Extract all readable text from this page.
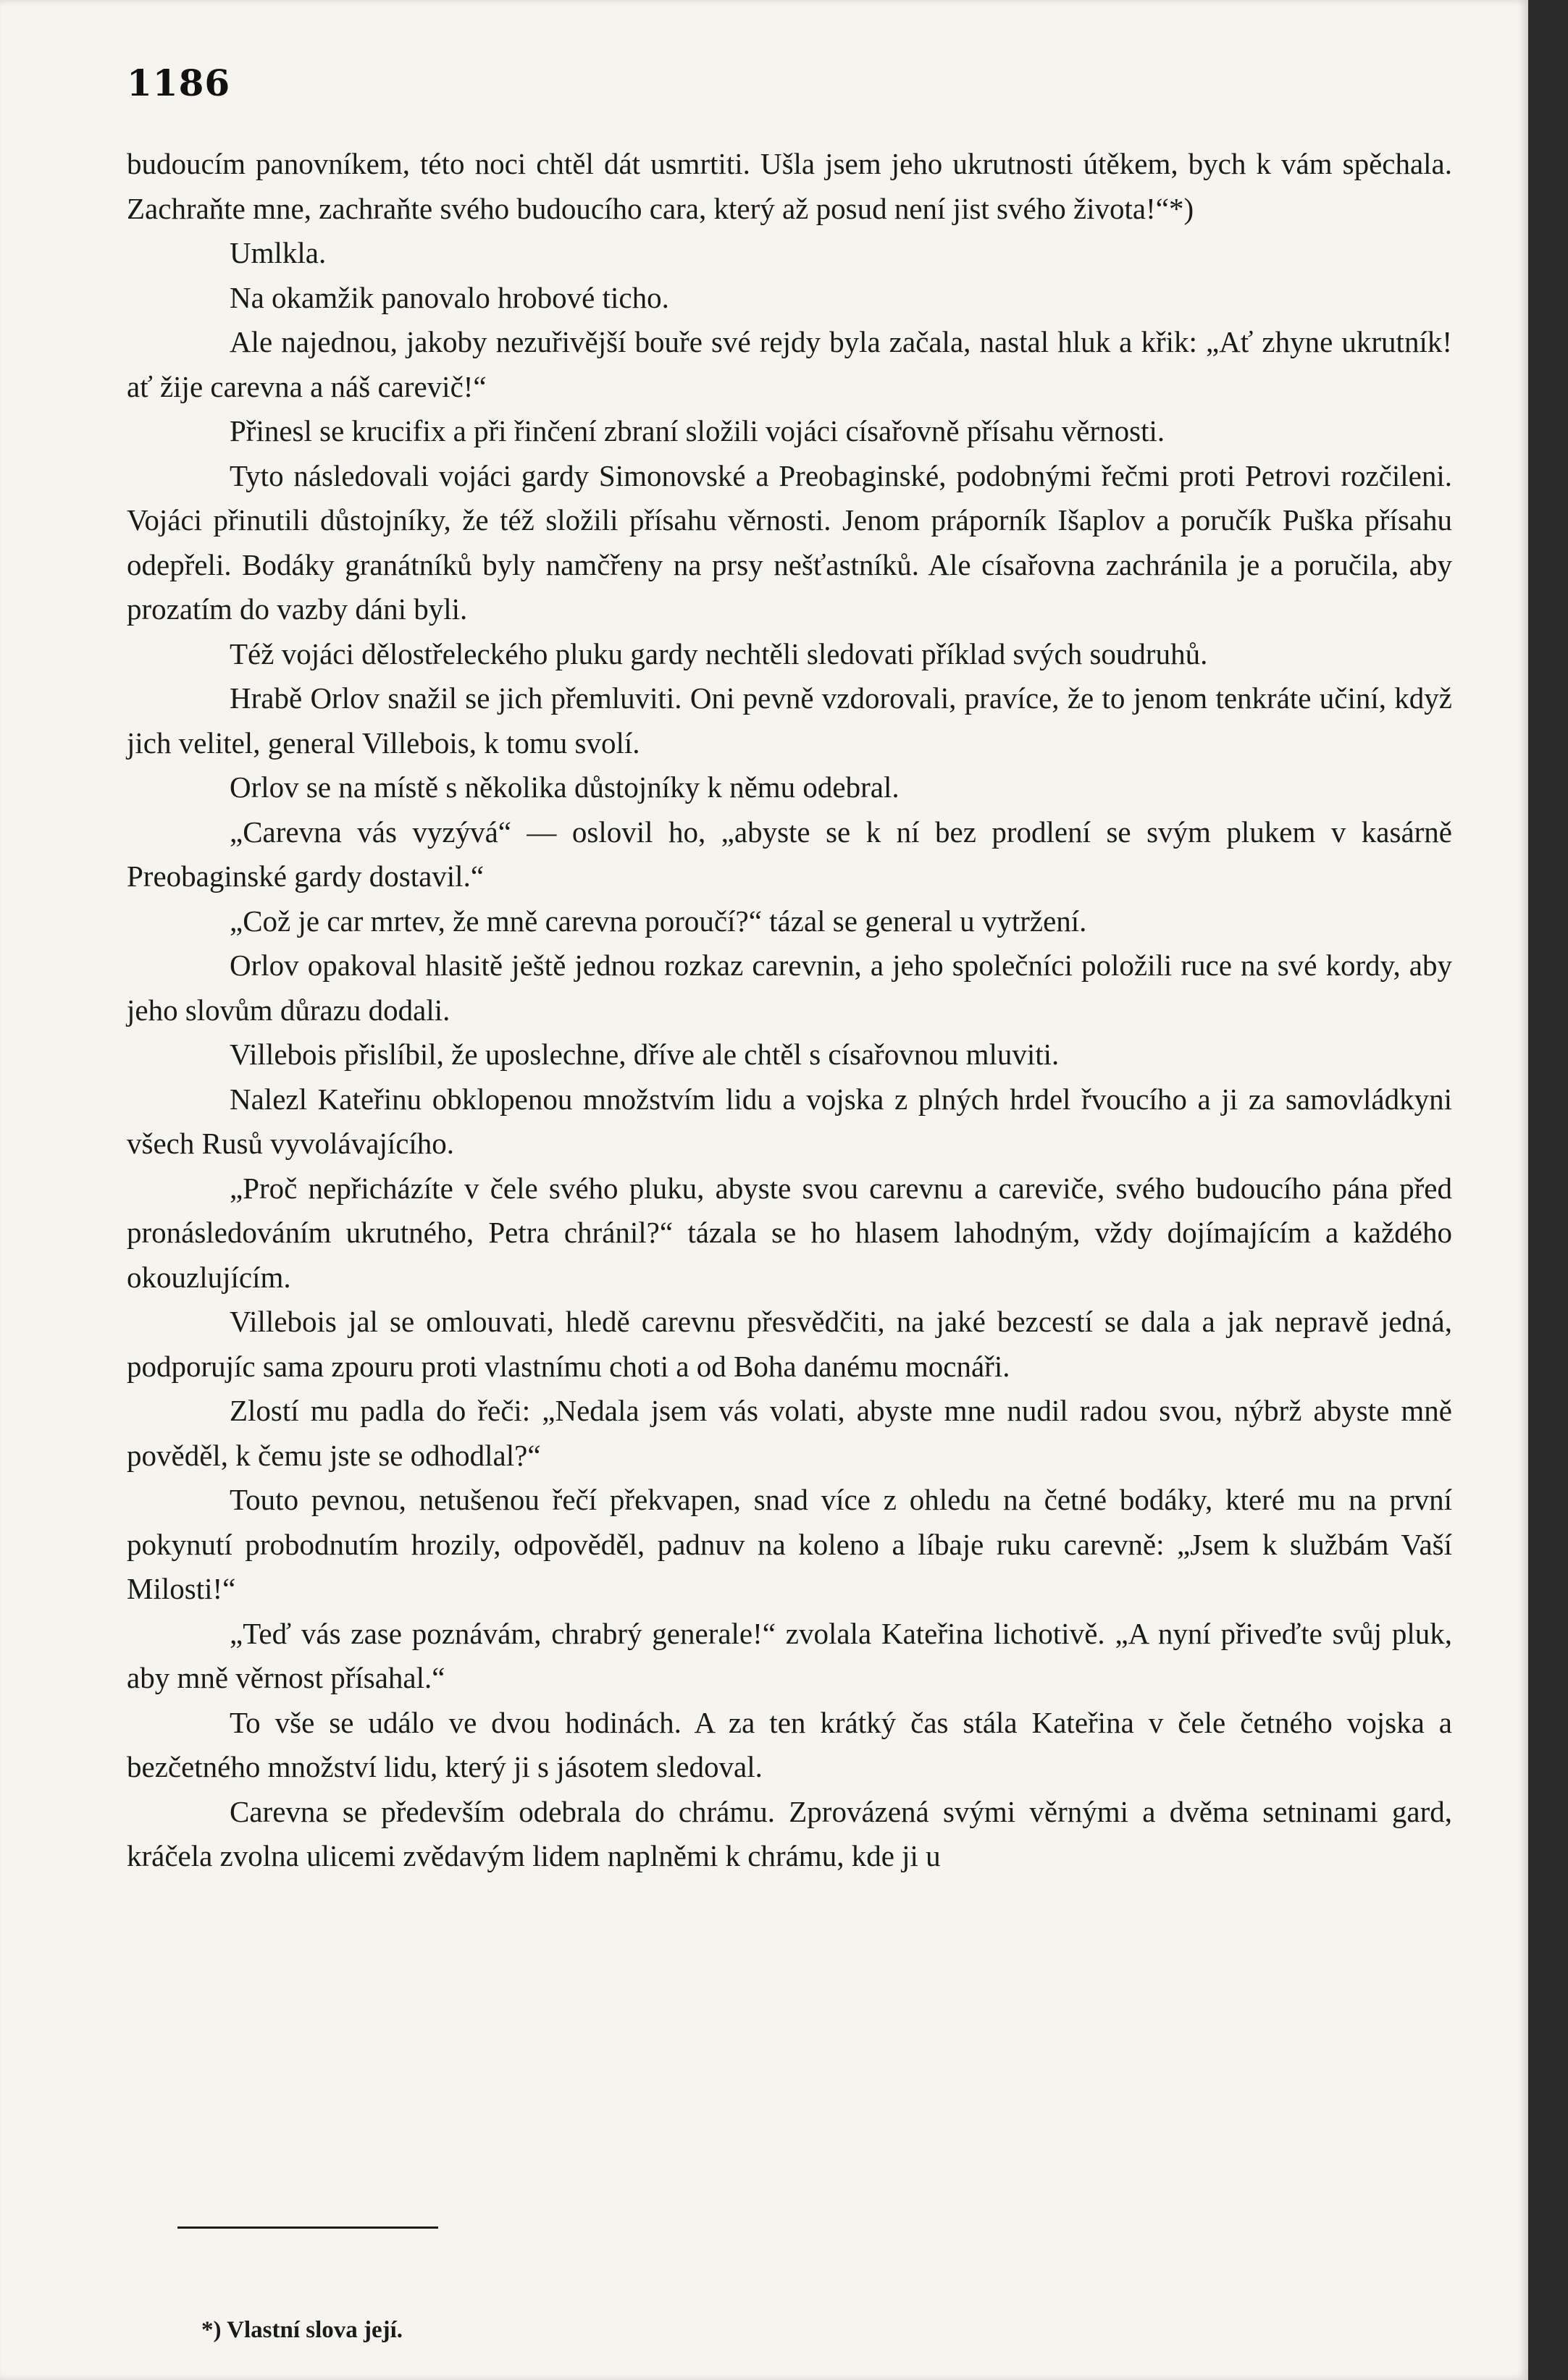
1186

budoucím panovníkem, této noci chtěl dát usmrtiti. Ušla jsem jeho ukrutnosti útěkem, bych k vám spěchala. Zachraňte mne, zachraňte svého budoucího cara, který až posud není jist svého života!“*)

Umlkla.

Na okamžik panovalo hrobové ticho.

Ale najednou, jakoby nezuřivější bouře své rejdy byla začala, nastal hluk a křik: „Ať zhyne ukrutník! ať žije carevna a náš carevič!“

Přinesl se krucifix a při řinčení zbraní složili vojáci císařovně přísahu věrnosti.

Tyto následovali vojáci gardy Simonovské a Preobaginské, podobnými řečmi proti Petrovi rozčileni. Vojáci přinutili důstojníky, že též složili přísahu věrnosti. Jenom práporník Išaplov a poručík Puška přísahu odepřeli. Bodáky granátníků byly namčřeny na prsy nešťastníků. Ale císařovna zachránila je a poručila, aby prozatím do vazby dáni byli.

Též vojáci dělostřeleckého pluku gardy nechtěli sledovati příklad svých soudruhů.

Hrabě Orlov snažil se jich přemluviti. Oni pevně vzdorovali, pravíce, že to jenom tenkráte učiní, když jich velitel, general Villebois, k tomu svolí.

Orlov se na místě s několika důstojníky k němu odebral.

„Carevna vás vyzývá“ — oslovil ho, „abyste se k ní bez prodlení se svým plukem v kasárně Preobaginské gardy dostavil.“

„Což je car mrtev, že mně carevna poroučí?“ tázal se general u vytržení.

Orlov opakoval hlasitě ještě jednou rozkaz carevnin, a jeho společníci položili ruce na své kordy, aby jeho slovům důrazu dodali.

Villebois přislíbil, že uposlechne, dříve ale chtěl s císařovnou mluviti.

Nalezl Kateřinu obklopenou množstvím lidu a vojska z plných hrdel řvoucího a ji za samovládkyni všech Rusů vyvolávajícího.

„Proč nepřicházíte v čele svého pluku, abyste svou carevnu a careviče, svého budoucího pána před pronásledováním ukrutného, Petra chránil?“ tázala se ho hlasem lahodným, vždy dojímajícím a každého okouzlujícím.

Villebois jal se omlouvati, hledě carevnu přesvědčiti, na jaké bezcestí se dala a jak nepravě jedná, podporujíc sama zpouru proti vlastnímu choti a od Boha danému mocnáři.

Zlostí mu padla do řeči: „Nedala jsem vás volati, abyste mne nudil radou svou, nýbrž abyste mně pověděl, k čemu jste se odhodlal?“

Touto pevnou, netušenou řečí překvapen, snad více z ohledu na četné bodáky, které mu na první pokynutí probodnutím hrozily, odpověděl, padnuv na koleno a líbaje ruku carevně: „Jsem k službám Vaší Milosti!“

„Teď vás zase poznávám, chrabrý generale!“ zvolala Kateřina lichotivě. „A nyní přiveďte svůj pluk, aby mně věrnost přísahal.“

To vše se událo ve dvou hodinách. A za ten krátký čas stála Kateřina v čele četného vojska a bezčetného množství lidu, který ji s jásotem sledoval.

Carevna se především odebrala do chrámu. Zprovázená svými věrnými a dvěma setninami gard, kráčela zvolna ulicemi zvědavým lidem naplněmi k chrámu, kde ji u

*) Vlastní slova její.
